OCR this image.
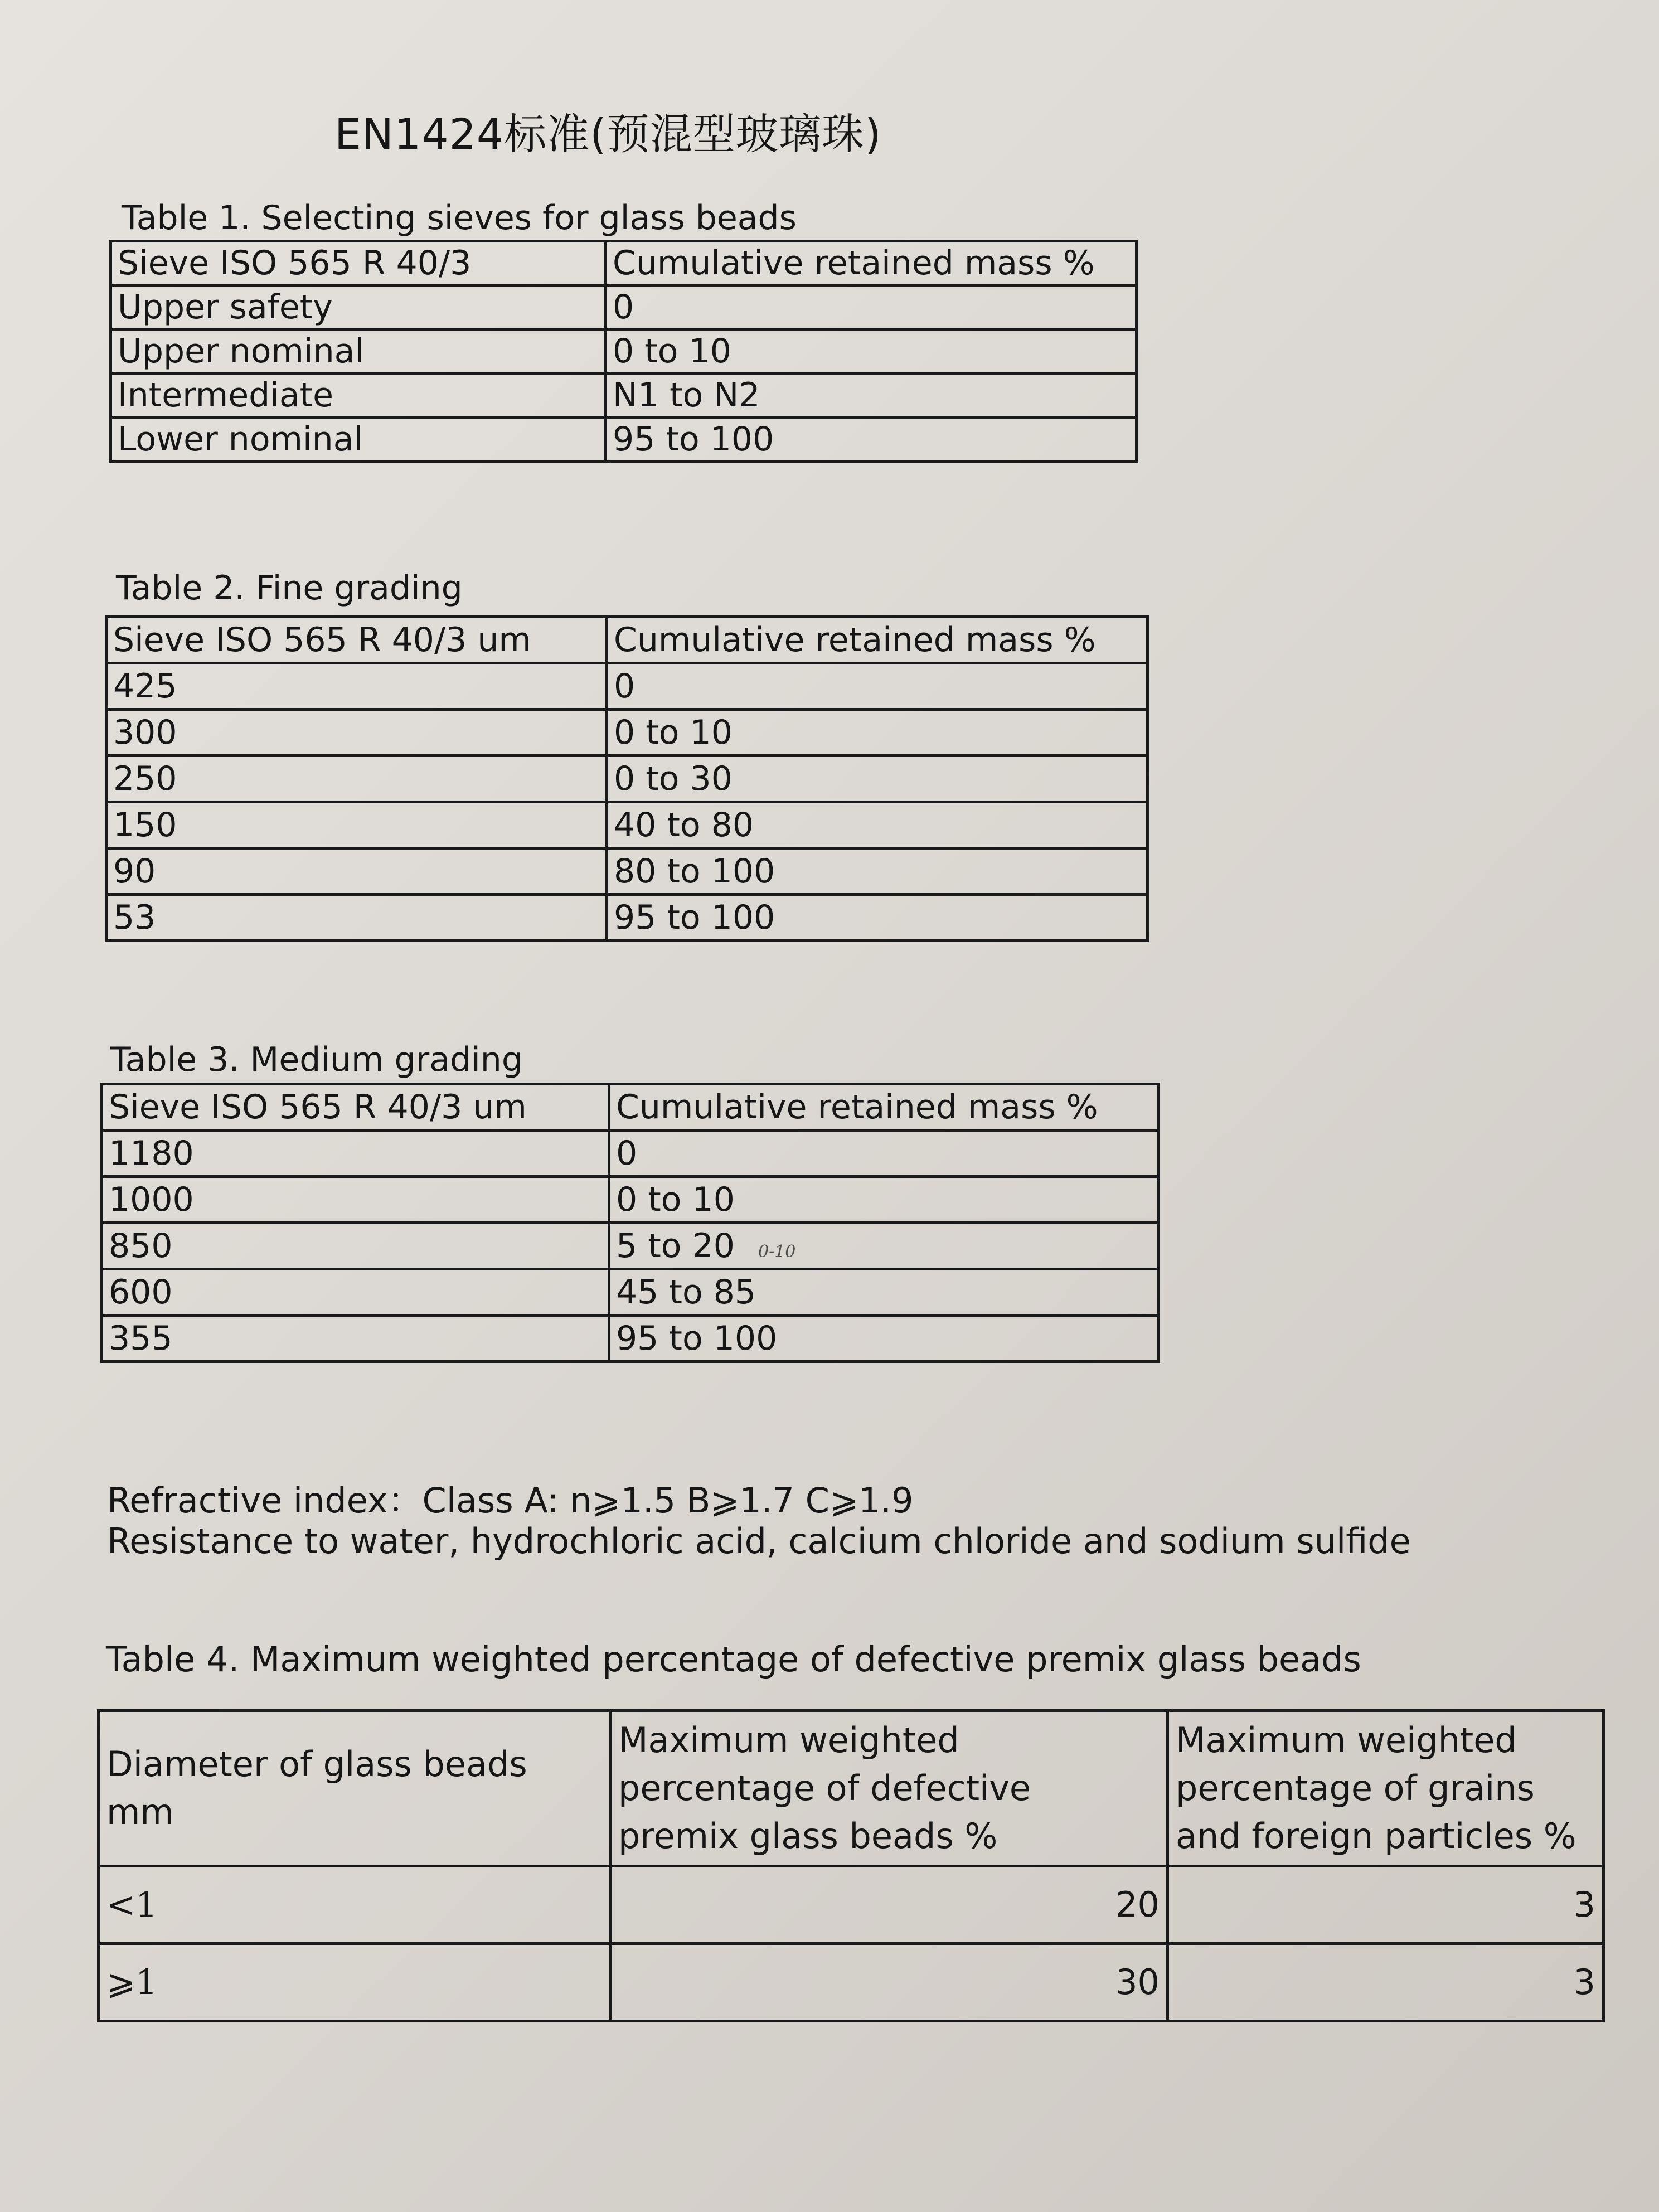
EN1424标准(预混型玻璃珠)
Table 1. Selecting sieves for glass beads
Sieve ISO 565 R 40/3	Cumulative retained mass %
Upper safety	0
Upper nominal	0 to 10
Intermediate	N1 to N2
Lower nominal	95 to 100
Table 2. Fine grading
Sieve ISO 565 R 40/3 um	Cumulative retained mass %
425	0
300	0 to 10
250	0 to 30
150	40 to 80
90	80 to 100
53	95 to 100
Table 3. Medium grading
Sieve ISO 565 R 40/3 um	Cumulative retained mass %
1180	0
1000	0 to 10
850	5 to 20
600	45 to 85
355	95 to 100
0-10
Refractive index：Class A: n⩾1.5 B⩾1.7 C⩾1.9
Resistance to water, hydrochloric acid, calcium chloride and sodium sulfide
Table 4. Maximum weighted percentage of defective premix glass beads
Diameter of glass beads mm	Maximum weighted percentage of defective premix glass beads %	Maximum weighted percentage of grains and foreign particles %
<1	20	3
⩾1	30	3
